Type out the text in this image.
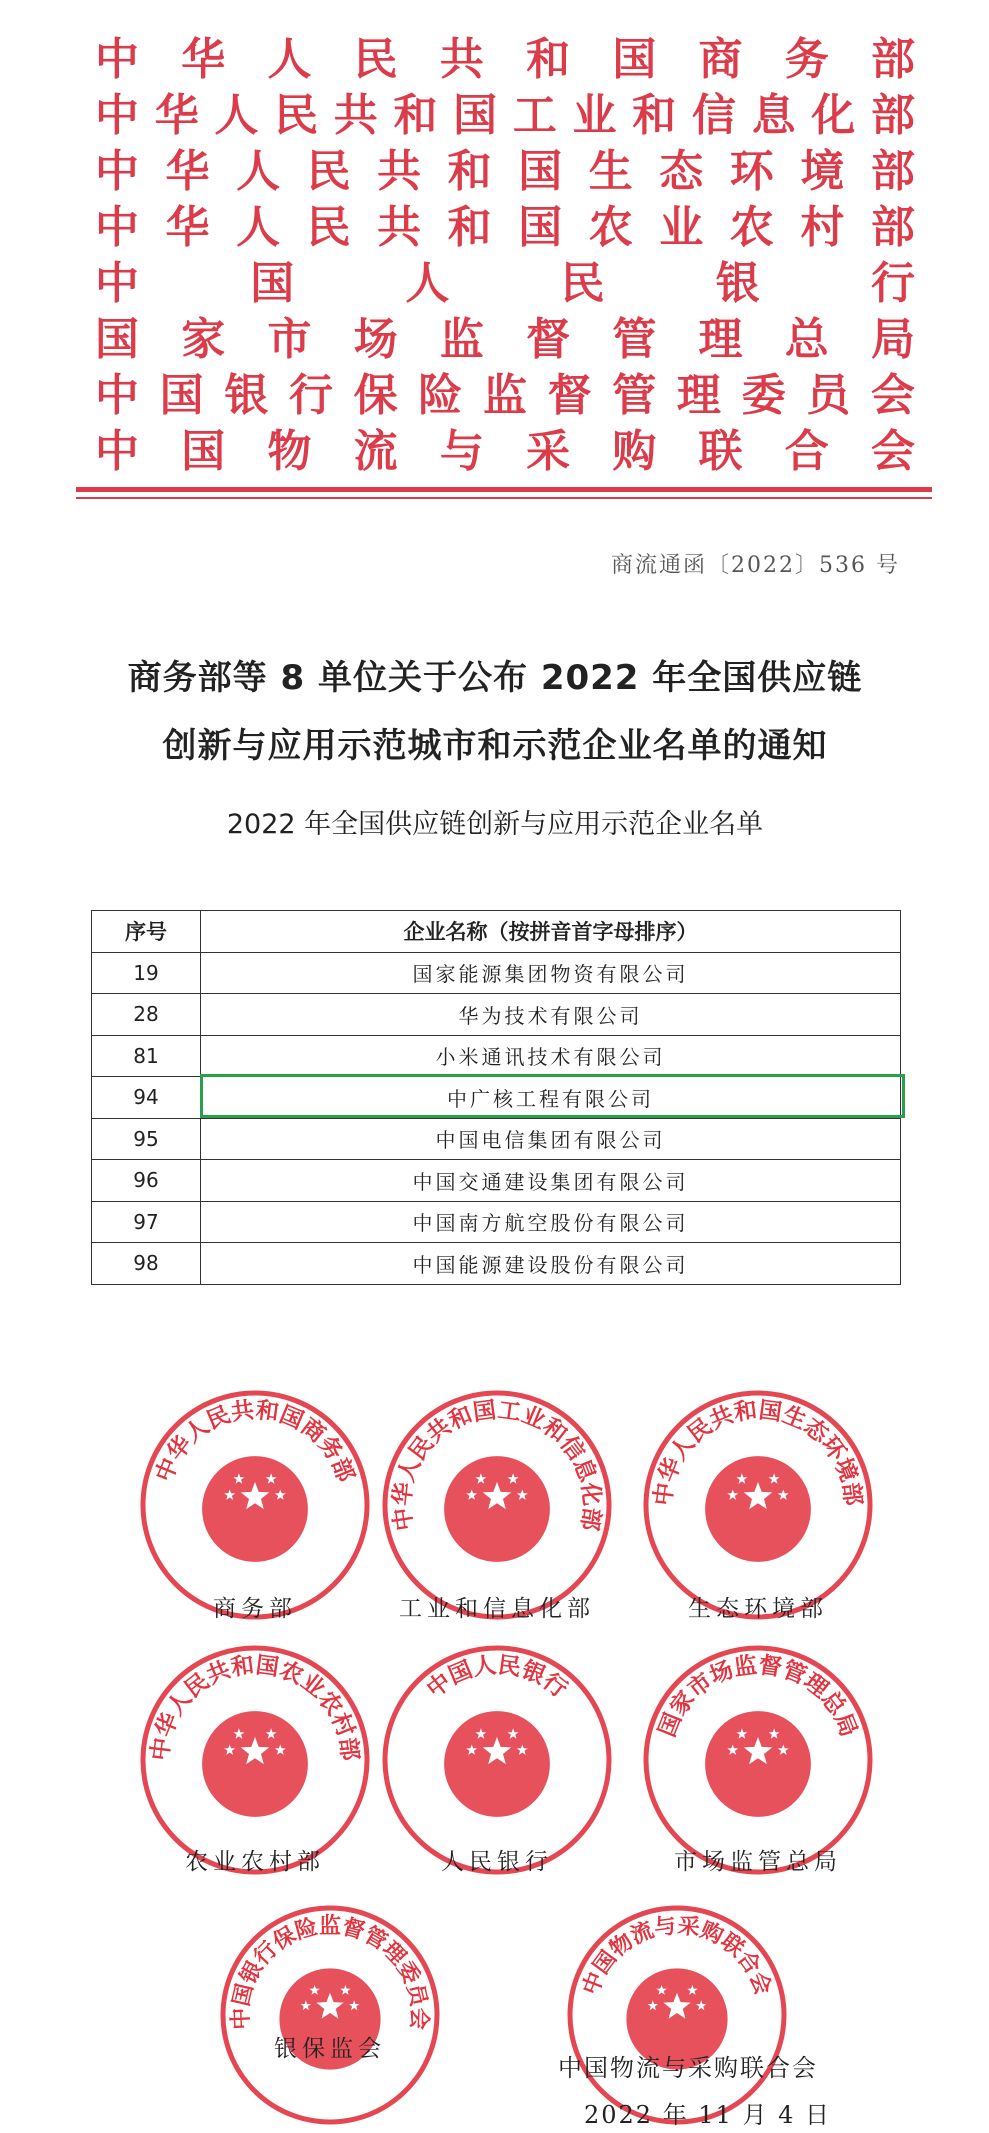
中 华 人 民 共 和 国 商 务 部
中 华 人 民 共 和 国 工 业 和 信 息 化 部
中 华 人 民 共 和 国 生 态 环 境 部
中 华 人 民 共 和 国 农 业 农 村 部
中	国	人	民	银	行
国 家 市 场 监 督 管 理 总 局
中 国 银 行 保 险 监 督 管 理 委 员 会
中 国 物 流 与 采 购 联 合 会
商流通函〔2022〕536 号
商务部等 8 单位关于公布 2022 年全国供应链
创新与应用示范城市和示范企业名单的通知
2022 年全国供应链创新与应用示范企业名单
序号	企业名称（按拼音首字母排序）
19	国家能源集团物资有限公司
28	华为技术有限公司
81	小米通讯技术有限公司
94	中广核工程有限公司
95	中国电信集团有限公司
96	中国交通建设集团有限公司
97	中国南方航空股份有限公司
98	中国能源建设股份有限公司
中华人民共和国商务部
商务部
中华人民共和国工业和信息化部
工业和信息化部
中华人民共和国生态环境部
生态环境部
中华人民共和国农业农村部
农业农村部
中国人民银行
人民银行
国家市场监督管理总局
市场监管总局
中国银行保险监督管理委员会
银保监会
中国物流与采购联合会
中国物流与采购联合会
2022 年 11 月 4 日
